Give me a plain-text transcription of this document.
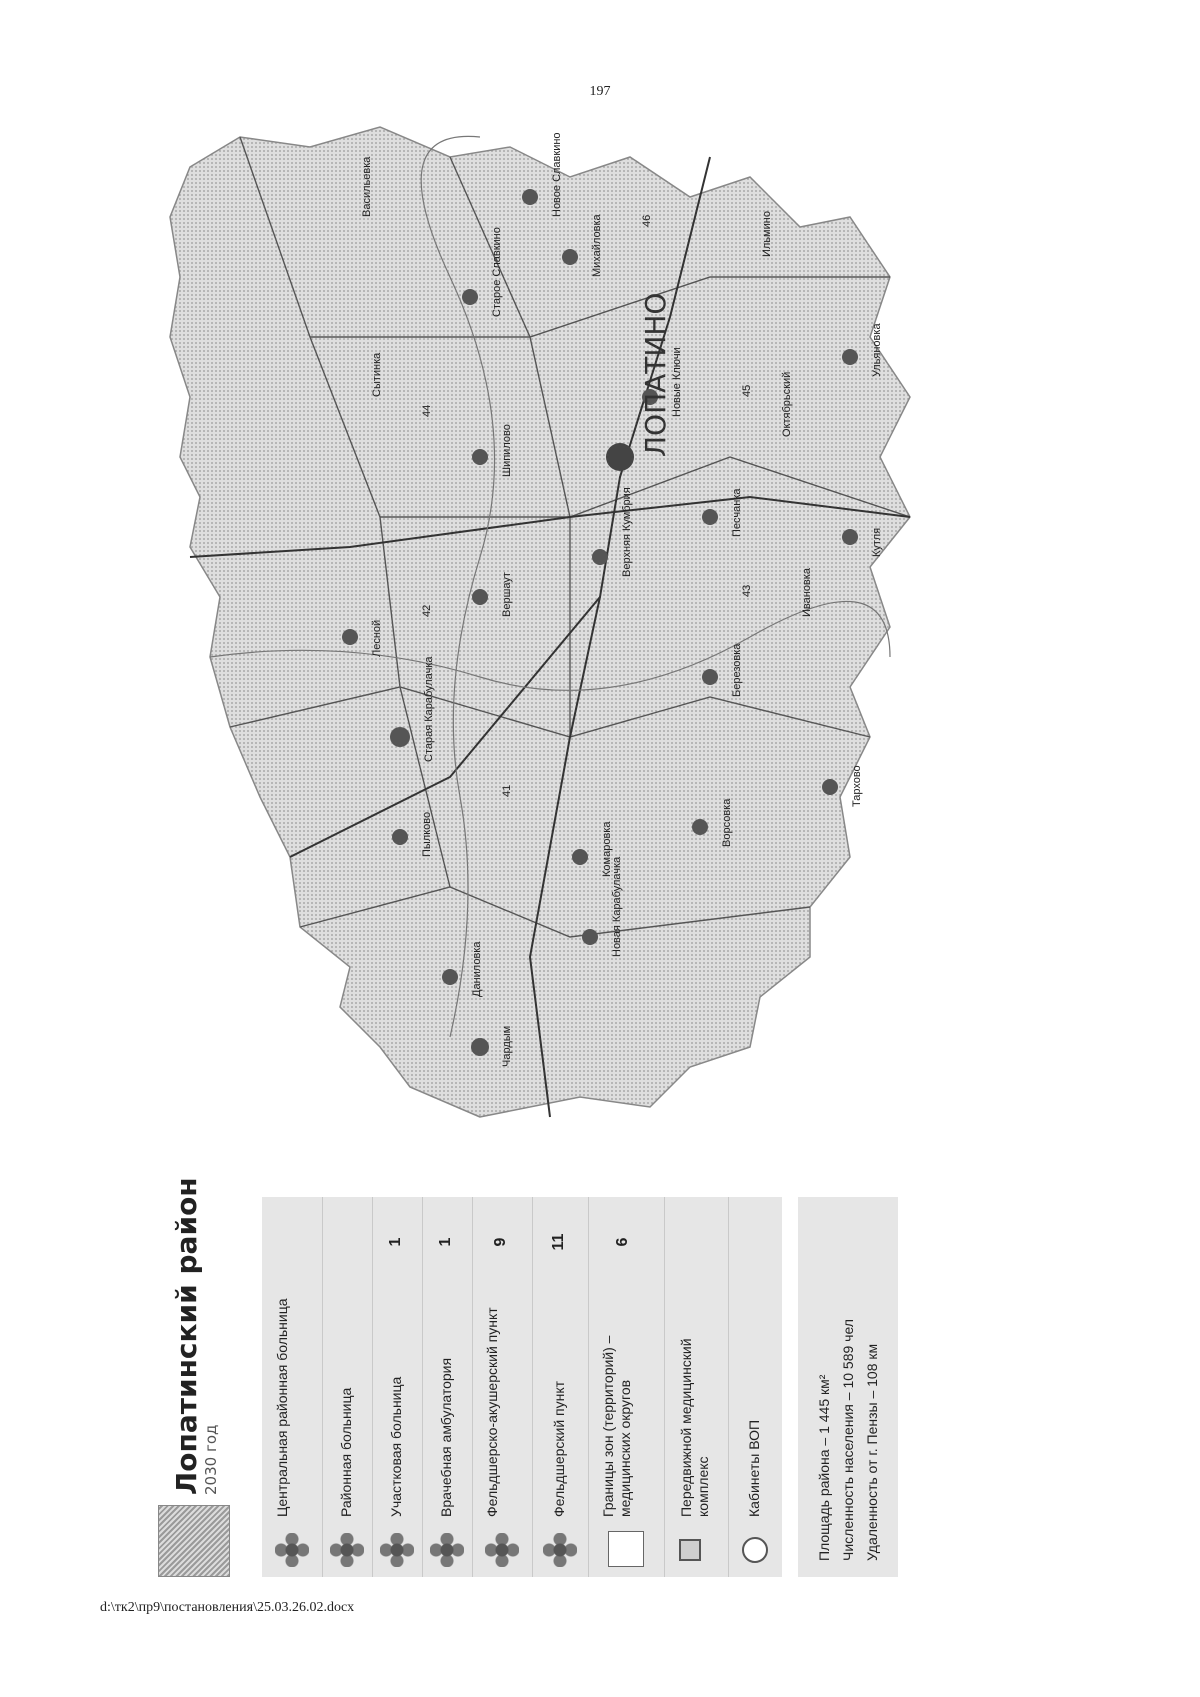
197
d:\тк2\пр9\постановления\25.03.26.02.docx
Лопатинский район 2030 год	Центральная районная больница	Районная больница Участковая больница
1
Врачебная амбулатория
1
Фельдшерско-акушерский пункт
9
Фельдшерский пункт
11
Границы зон (территорий) – медицинских округов
6
Передвижной медицинский комплекс	Кабинеты ВОП	Площадь района – 1 445 км² Численность населения – 10 589 чел Удаленность от г. Пензы – 108 км
Чардым
Даниловка
Новая Карабулачка
Пылково	Комаровка	Ворсовка
Тархово
Старая Карабулачка	Березовка
Лесной
Вершаут
Верхняя Кумбрия	Песчанка
Кутля
Шипилово
Новые Ключи	Ульяновка
Старое Славкино	Михайловка
Новое Славкино
Октябрьский
Ильмино
Ивановка
Сытинка
Васильевка
41
42
43
44
45
46
ЛОПАТИНО
